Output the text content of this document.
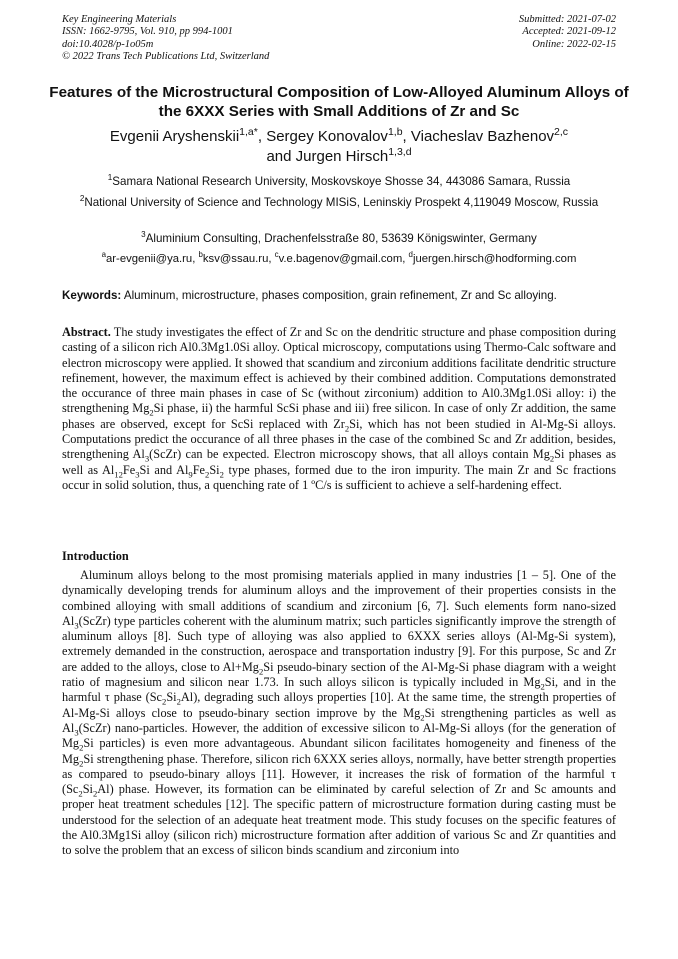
Key Engineering Materials
ISSN: 1662-9795, Vol. 910, pp 994-1001
doi:10.4028/p-1o05m
© 2022 Trans Tech Publications Ltd, Switzerland
Submitted: 2021-07-02
Accepted: 2021-09-12
Online: 2022-02-15
Features of the Microstructural Composition of Low-Alloyed Aluminum Alloys of the 6XXX Series with Small Additions of Zr and Sc
Evgenii Aryshenskii$^{1,a*}$, Sergey Konovalov$^{1,b}$, Viacheslav Bazhenov$^{2,c}$
and Jurgen Hirsch$^{1,3,d}$
$^1$Samara National Research University, Moskovskoye Shosse 34, 443086 Samara, Russia
$^2$National University of Science and Technology MISiS, Leninskiy Prospekt 4,119049 Moscow, Russia
$^3$Aluminium Consulting, Drachenfelsstraße 80, 53639 Königswinter, Germany
$^a$ar-evgenii@ya.ru, $^b$ksv@ssau.ru, $^c$v.e.bagenov@gmail.com, $^d$juergen.hirsch@hodforming.com
Keywords: Aluminum, microstructure, phases composition, grain refinement, Zr and Sc alloying.
Abstract. The study investigates the effect of Zr and Sc on the dendritic structure and phase composition during casting of a silicon rich Al0.3Mg1.0Si alloy. Optical microscopy, computations using Thermo-Calc software and electron microscopy were applied. It showed that scandium and zirconium additions facilitate dendritic structure refinement, however, the maximum effect is achieved by their combined addition. Computations demonstrated the occurance of three main phases in case of Sc (without zirconium) addition to Al0.3Mg1.0Si alloy: i) the strengthening $Mg_2Si$ phase, ii) the harmful ScSi phase and iii) free silicon. In case of only Zr addition, the same phases are observed, except for ScSi replaced with $Zr_2Si$, which has not been studied in Al-Mg-Si alloys. Computations predict the occurance of all three phases in the case of the combined Sc and Zr addition, besides, strengthening $Al_3(ScZr)$ can be expected. Electron microscopy shows, that all alloys contain $Mg_2Si$ phases as well as $Al_{12}Fe_3Si$ and $Al_9Fe_2Si_2$ type phases, formed due to the iron impurity. The main Zr and Sc fractions occur in solid solution, thus, a quenching rate of 1 ºC/s is sufficient to achieve a self-hardening effect.
Introduction
Aluminum alloys belong to the most promising materials applied in many industries [1 – 5]. One of the dynamically developing trends for aluminum alloys and the improvement of their properties consists in the combined alloying with small additions of scandium and zirconium [6, 7]. Such elements form nano-sized $Al_3(ScZr)$ type particles coherent with the aluminum matrix; such particles significantly improve the strength of aluminum alloys [8]. Such type of alloying was also applied to 6XXX series alloys (Al-Mg-Si system), extremely demanded in the construction, aerospace and transportation industry [9]. For this purpose, Sc and Zr are added to the alloys, close to $Al+Mg_2Si$ pseudo-binary section of the Al-Mg-Si phase diagram with a weight ratio of magnesium and silicon near 1.73. In such alloys silicon is typically included in $Mg_2Si$, and in the harmful τ phase $(Sc_2Si_2Al)$, degrading such alloys properties [10]. At the same time, the strength properties of Al-Mg-Si alloys close to pseudo-binary section improve by the $Mg_2Si$ strengthening particles as well as $Al_3(ScZr)$ nano-particles. However, the addition of excessive silicon to Al-Mg-Si alloys (for the generation of $Mg_2Si$ particles) is even more advantageous. Abundant silicon facilitates homogeneity and fineness of the $Mg_2Si$ strengthening phase. Therefore, silicon rich 6XXX series alloys, normally, have better strength properties as compared to pseudo-binary alloys [11]. However, it increases the risk of formation of the harmful τ $(Sc_2Si_2Al)$ phase. However, its formation can be eliminated by careful selection of Zr and Sc amounts and proper heat treatment schedules [12]. The specific pattern of microstructure formation during casting must be understood for the selection of an adequate heat treatment mode. This study focuses on the specific features of the Al0.3Mg1Si alloy (silicon rich) microstructure formation after addition of various Sc and Zr quantities and to solve the problem that an excess of silicon binds scandium and zirconium into
